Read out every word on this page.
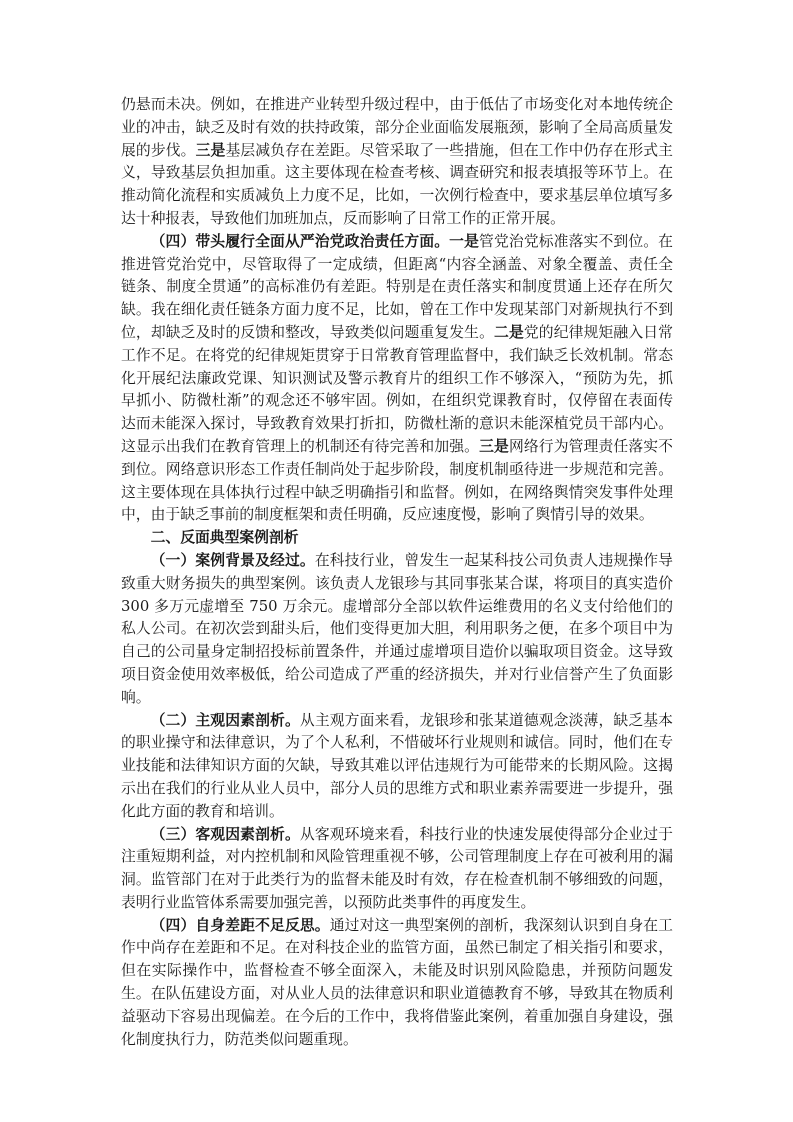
仍悬而未决。例如，在推进产业转型升级过程中，由于低估了市场变化对本地传统企业的冲击，缺乏及时有效的扶持政策，部分企业面临发展瓶颈，影响了全局高质量发展的步伐。三是基层减负存在差距。尽管采取了一些措施，但在工作中仍存在形式主义，导致基层负担加重。这主要体现在检查考核、调查研究和报表填报等环节上。在推动简化流程和实质减负上力度不足，比如，一次例行检查中，要求基层单位填写多达十种报表，导致他们加班加点，反而影响了日常工作的正常开展。

（四）带头履行全面从严治党政治责任方面。一是管党治党标准落实不到位。在推进管党治党中，尽管取得了一定成绩，但距离“内容全涵盖、对象全覆盖、责任全链条、制度全贯通”的高标准仍有差距。特别是在责任落实和制度贯通上还存在所欠缺。我在细化责任链条方面力度不足，比如，曾在工作中发现某部门对新规执行不到位，却缺乏及时的反馈和整改，导致类似问题重复发生。二是党的纪律规矩融入日常工作不足。在将党的纪律规矩贯穿于日常教育管理监督中，我们缺乏长效机制。常态化开展纪法廉政党课、知识测试及警示教育片的组织工作不够深入，“预防为先，抓早抓小、防微杜渐”的观念还不够牢固。例如，在组织党课教育时，仅停留在表面传达而未能深入探讨，导致教育效果打折扣，防微杜渐的意识未能深植党员干部内心。这显示出我们在教育管理上的机制还有待完善和加强。三是网络行为管理责任落实不到位。网络意识形态工作责任制尚处于起步阶段，制度机制亟待进一步规范和完善。这主要体现在具体执行过程中缺乏明确指引和监督。例如，在网络舆情突发事件处理中，由于缺乏事前的制度框架和责任明确，反应速度慢，影响了舆情引导的效果。

二、反面典型案例剖析

（一）案例背景及经过。在科技行业，曾发生一起某科技公司负责人违规操作导致重大财务损失的典型案例。该负责人龙银珍与其同事张某合谋，将项目的真实造价 300 多万元虚增至 750 万余元。虚增部分全部以软件运维费用的名义支付给他们的私人公司。在初次尝到甜头后，他们变得更加大胆，利用职务之便，在多个项目中为自己的公司量身定制招投标前置条件，并通过虚增项目造价以骗取项目资金。这导致项目资金使用效率极低，给公司造成了严重的经济损失，并对行业信誉产生了负面影响。

（二）主观因素剖析。从主观方面来看，龙银珍和张某道德观念淡薄，缺乏基本的职业操守和法律意识，为了个人私利，不惜破坏行业规则和诚信。同时，他们在专业技能和法律知识方面的欠缺，导致其难以评估违规行为可能带来的长期风险。这揭示出在我们的行业从业人员中，部分人员的思维方式和职业素养需要进一步提升，强化此方面的教育和培训。

（三）客观因素剖析。从客观环境来看，科技行业的快速发展使得部分企业过于注重短期利益，对内控机制和风险管理重视不够，公司管理制度上存在可被利用的漏洞。监管部门在对于此类行为的监督未能及时有效，存在检查机制不够细致的问题，表明行业监管体系需要加强完善，以预防此类事件的再度发生。

（四）自身差距不足反思。通过对这一典型案例的剖析，我深刻认识到自身在工作中尚存在差距和不足。在对科技企业的监管方面，虽然已制定了相关指引和要求，但在实际操作中，监督检查不够全面深入，未能及时识别风险隐患，并预防问题发生。在队伍建设方面，对从业人员的法律意识和职业道德教育不够，导致其在物质利益驱动下容易出现偏差。在今后的工作中，我将借鉴此案例，着重加强自身建设，强化制度执行力，防范类似问题重现。
